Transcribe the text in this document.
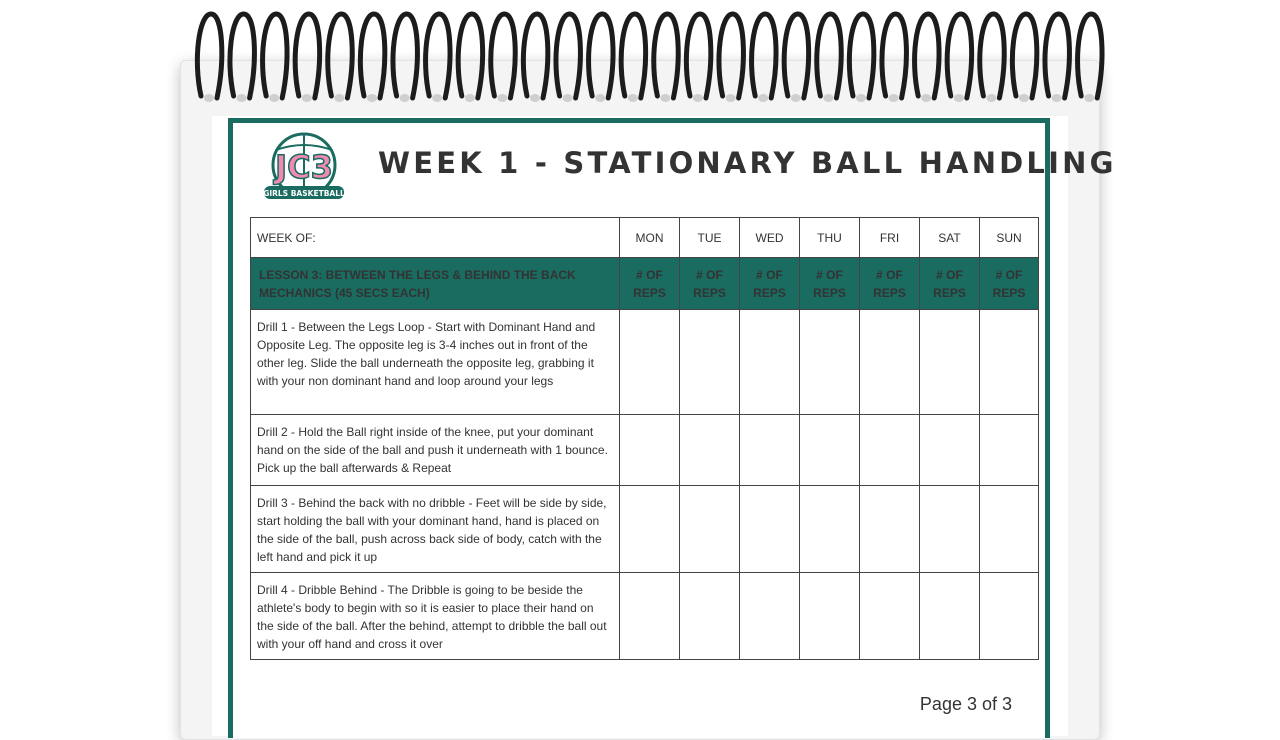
JC3
GIRLS BASKETBALL
WEEK 1 - STATIONARY BALL HANDLING
WEEK OF:	MON	TUE	WED	THU	FRI	SAT	SUN
LESSON 3: BETWEEN THE LEGS & BEHIND THE BACK MECHANICS (45 SECS EACH)	# OF REPS	# OF REPS	# OF REPS	# OF REPS	# OF REPS	# OF REPS	# OF REPS
Drill 1 - Between the Legs Loop - Start with Dominant Hand and Opposite Leg. The opposite leg is 3-4 inches out in front of the other leg. Slide the ball underneath the opposite leg, grabbing it with your non dominant hand and loop around your legs							
Drill 2 - Hold the Ball right inside of the knee, put your dominant hand on the side of the ball and push it underneath with 1 bounce. Pick up the ball afterwards & Repeat							
Drill 3 - Behind the back with no dribble - Feet will be side by side, start holding the ball with your dominant hand, hand is placed on the side of the ball, push across back side of body, catch with the left hand and pick it up							
Drill 4 - Dribble Behind - The Dribble is going to be beside the athlete's body to begin with so it is easier to place their hand on the side of the ball. After the behind, attempt to dribble the ball out with your off hand and cross it over							
Page 3 of 3
